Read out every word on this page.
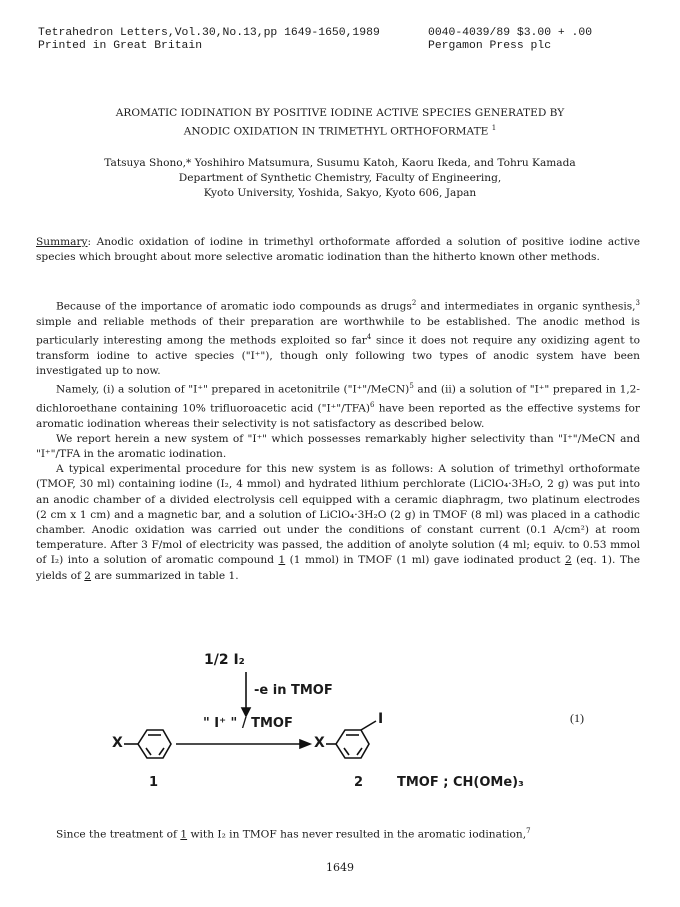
Tetrahedron Letters,Vol.30,No.13,pp 1649-1650,1989
Printed in Great Britain
0040-4039/89 $3.00 + .00
Pergamon Press plc
AROMATIC IODINATION BY POSITIVE IODINE ACTIVE SPECIES GENERATED BY
ANODIC OXIDATION IN TRIMETHYL ORTHOFORMATE $^1$
Tatsuya Shono,* Yoshihiro Matsumura, Susumu Katoh, Kaoru Ikeda, and Tohru Kamada
Department of Synthetic Chemistry, Faculty of Engineering,
Kyoto University, Yoshida, Sakyo, Kyoto 606, Japan

Summary: Anodic oxidation of iodine in trimethyl orthoformate afforded a solution of positive iodine active species which brought about more selective aromatic iodination than the hitherto known other methods.

Because of the importance of aromatic iodo compounds as drugs$^2$ and intermediates in organic synthesis,$^3$ simple and reliable methods of their preparation are worthwhile to be established. The anodic method is particularly interesting among the methods exploited so far$^4$ since it does not require any oxidizing agent to transform iodine to active species ("I⁺"), though only following two types of anodic system have been investigated up to now.

Namely, (i) a solution of "I⁺" prepared in acetonitrile ("I⁺"/MeCN)$^5$ and (ii) a solution of "I⁺" prepared in 1,2-dichloroethane containing 10% trifluoroacetic acid ("I⁺"/TFA)$^6$ have been reported as the effective systems for aromatic iodination whereas their selectivity is not satisfactory as described below.

We report herein a new system of "I⁺" which possesses remarkably higher selectivity than "I⁺"/MeCN and "I⁺"/TFA in the aromatic iodination.

A typical experimental procedure for this new system is as follows: A solution of trimethyl orthoformate (TMOF, 30 ml) containing iodine (I₂, 4 mmol) and hydrated lithium perchlorate (LiClO₄·3H₂O, 2 g) was put into an anodic chamber of a divided electrolysis cell equipped with a ceramic diaphragm, two platinum electrodes (2 cm x 1 cm) and a magnetic bar, and a solution of LiClO₄·3H₂O (2 g) in TMOF (8 ml) was placed in a cathodic chamber. Anodic oxidation was carried out under the conditions of constant current (0.1 A/cm²) at room temperature. After 3 F/mol of electricity was passed, the addition of anolyte solution (4 ml; equiv. to 0.53 mmol of I₂) into a solution of aromatic compound 1 (1 mmol) in TMOF (1 ml) gave iodinated product 2 (eq. 1). The yields of 2 are summarized in table 1.

1/2 I₂
-e in TMOF
" I⁺ " / TMOF
X	X
I
1	2	TMOF ; CH(OMe)₃
(1)

Since the treatment of 1 with I₂ in TMOF has never resulted in the aromatic iodination,$^7$

1649
